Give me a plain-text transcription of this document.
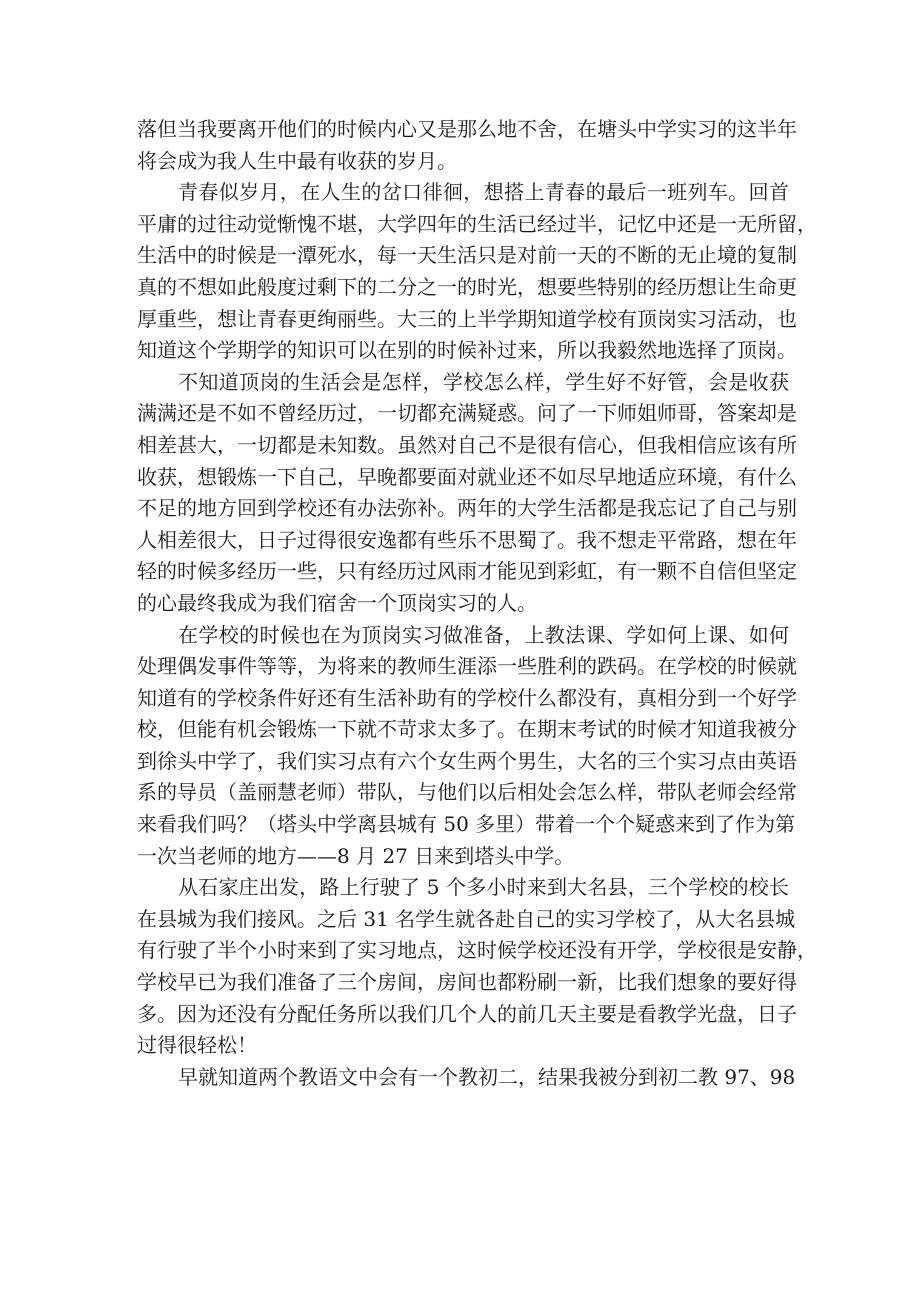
落但当我要离开他们的时候内心又是那么地不舍，在塘头中学实习的这半年
将会成为我人生中最有收获的岁月。
青春似岁月，在人生的岔口徘徊，想搭上青春的最后一班列车。回首
平庸的过往动觉惭愧不堪，大学四年的生活已经过半，记忆中还是一无所留，
生活中的时候是一潭死水，每一天生活只是对前一天的不断的无止境的复制
真的不想如此般度过剩下的二分之一的时光，想要些特别的经历想让生命更
厚重些，想让青春更绚丽些。大三的上半学期知道学校有顶岗实习活动，也
知道这个学期学的知识可以在别的时候补过来，所以我毅然地选择了顶岗。
不知道顶岗的生活会是怎样，学校怎么样，学生好不好管，会是收获
满满还是不如不曾经历过，一切都充满疑惑。问了一下师姐师哥，答案却是
相差甚大，一切都是未知数。虽然对自己不是很有信心，但我相信应该有所
收获，想锻炼一下自己，早晚都要面对就业还不如尽早地适应环境，有什么
不足的地方回到学校还有办法弥补。两年的大学生活都是我忘记了自己与别
人相差很大，日子过得很安逸都有些乐不思蜀了。我不想走平常路，想在年
轻的时候多经历一些，只有经历过风雨才能见到彩虹，有一颗不自信但坚定
的心最终我成为我们宿舍一个顶岗实习的人。
在学校的时候也在为顶岗实习做准备，上教法课、学如何上课、如何
处理偶发事件等等，为将来的教师生涯添一些胜利的跌码。在学校的时候就
知道有的学校条件好还有生活补助有的学校什么都没有，真相分到一个好学
校，但能有机会锻炼一下就不苛求太多了。在期末考试的时候才知道我被分
到徐头中学了，我们实习点有六个女生两个男生，大名的三个实习点由英语
系的导员（盖丽慧老师）带队，与他们以后相处会怎么样，带队老师会经常
来看我们吗？（塔头中学离县城有 50 多里）带着一个个疑惑来到了作为第
一次当老师的地方——8 月 27 日来到塔头中学。
从石家庄出发，路上行驶了 5 个多小时来到大名县，三个学校的校长
在县城为我们接风。之后 31 名学生就各赴自己的实习学校了，从大名县城
有行驶了半个小时来到了实习地点，这时候学校还没有开学，学校很是安静，
学校早已为我们准备了三个房间，房间也都粉刷一新，比我们想象的要好得
多。因为还没有分配任务所以我们几个人的前几天主要是看教学光盘，日子
过得很轻松！
早就知道两个教语文中会有一个教初二，结果我被分到初二教 97、98
